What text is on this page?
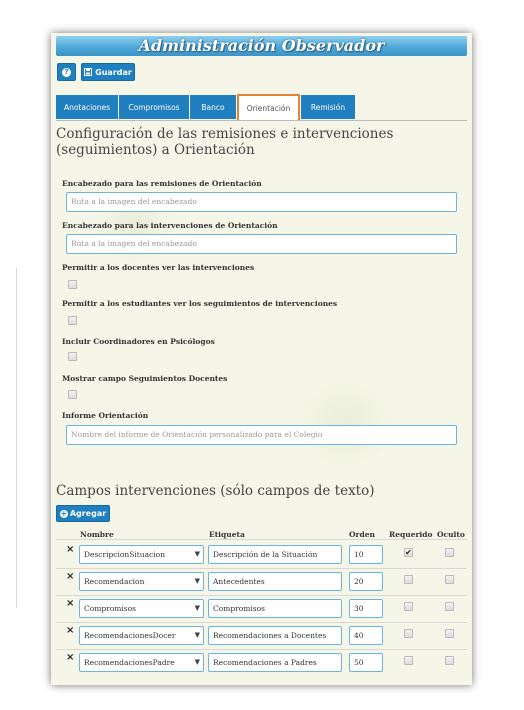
Administración Observador
?	Guardar
Anotaciones Compromisos	Banco	Orientación	Remisión
Configuración de las remisiones e intervenciones (seguimientos) a Orientación
Encabezado para las remisiones de Orientación
Ruta a la imagen del encabezado
Encabezado para las intervenciones de Orientación
Ruta a la imagen del encabezado
Permitir a los docentes ver las intervenciones
Permitir a los estudiantes ver los seguimientos de intervenciones
Incluir Coordinadores en Psicólogos
Mostrar campo Seguimientos Docentes
Informe Orientación
Nombre del informe de Orientación personalizado para el Colegio
Campos intervenciones (sólo campos de texto)
+ Agregar
Nombre	Etiqueta	Orden Requerido Oculto
×	DescripcionSituacion	▼	Descripción de la Situación	10	✔
×	Recomendacion	▼	Antecedentes	20
×	Compromisos	▼	Compromisos	30
×	RecomendacionesDocer	▼	Recomendaciones a Docentes	40
×	RecomendacionesPadre	▼	Recomendaciones a Padres	50
